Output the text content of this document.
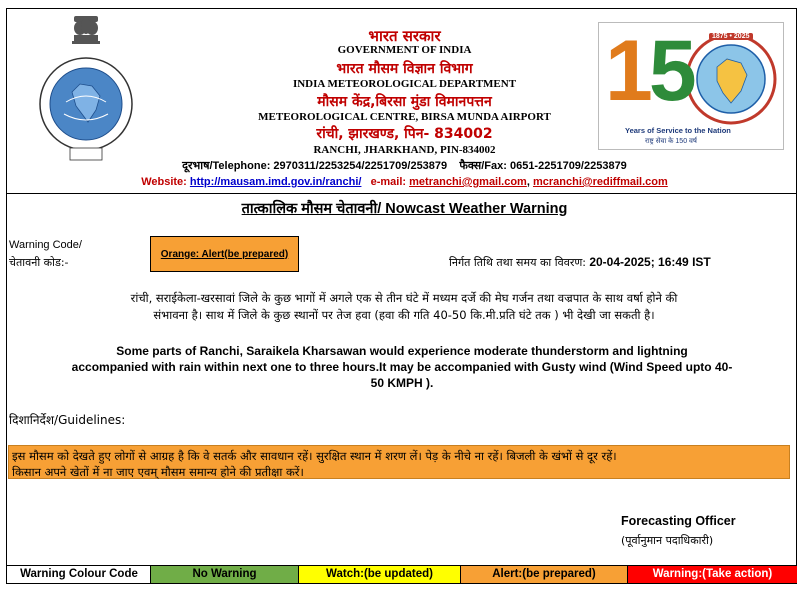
15	1875 • 2025
Years of Service to the Nation
राष्ट्र सेवा के 150 वर्ष
भारत सरकार
GOVERNMENT OF INDIA
भारत मौसम विज्ञान विभाग
INDIA METEOROLOGICAL DEPARTMENT
मौसम केंद्र,बिरसा मुंडा विमानपत्तन
METEOROLOGICAL CENTRE, BIRSA MUNDA AIRPORT
रांची, झारखण्ड, पिन- 834002
RANCHI, JHARKHAND, PIN-834002
दूरभाष/Telephone: 2970311/2253254/2251709/253879 फैक्स/Fax: 0651-2251709/2253879
Website: http://mausam.imd.gov.in/ranchi/ e-mail: metranchi@gmail.com, mcranchi@rediffmail.com
तात्कालिक मौसम चेतावनी/ Nowcast Weather Warning
Warning Code/
चेतावनी कोड:-
Orange: Alert(be prepared)
निर्गत तिथि तथा समय का विवरण: 20-04-2025; 16:49 IST
रांची, सराईकेला-खरसावां जिले के कुछ भागों में अगले एक से तीन घंटे में मध्यम दर्जे की मेघ गर्जन तथा वज्रपात के साथ वर्षा होने की
संभावना है। साथ में जिले के कुछ स्थानों पर तेज हवा (हवा की गति 40-50 कि.मी.प्रति घंटे तक ) भी देखी जा सकती है।
Some parts of Ranchi, Saraikela Kharsawan would experience moderate thunderstorm and lightning
accompanied with rain within next one to three hours.It may be accompanied with Gusty wind (Wind Speed upto 40-
50 KMPH ).
दिशानिर्देश/Guidelines:
इस मौसम को देखते हुए लोगों से आग्रह है कि वे सतर्क और सावधान रहें। सुरक्षित स्थान में शरण लें। पेड़ के नीचे ना रहें। बिजली के खंभों से दूर रहें।
किसान अपने खेतों में ना जाए एवम् मौसम समान्य होने की प्रतीक्षा करें।
Forecasting Officer
(पूर्वानुमान पदाधिकारी)
Warning Colour Code	No Warning	Watch:(be updated)	Alert:(be prepared)	Warning:(Take action)
